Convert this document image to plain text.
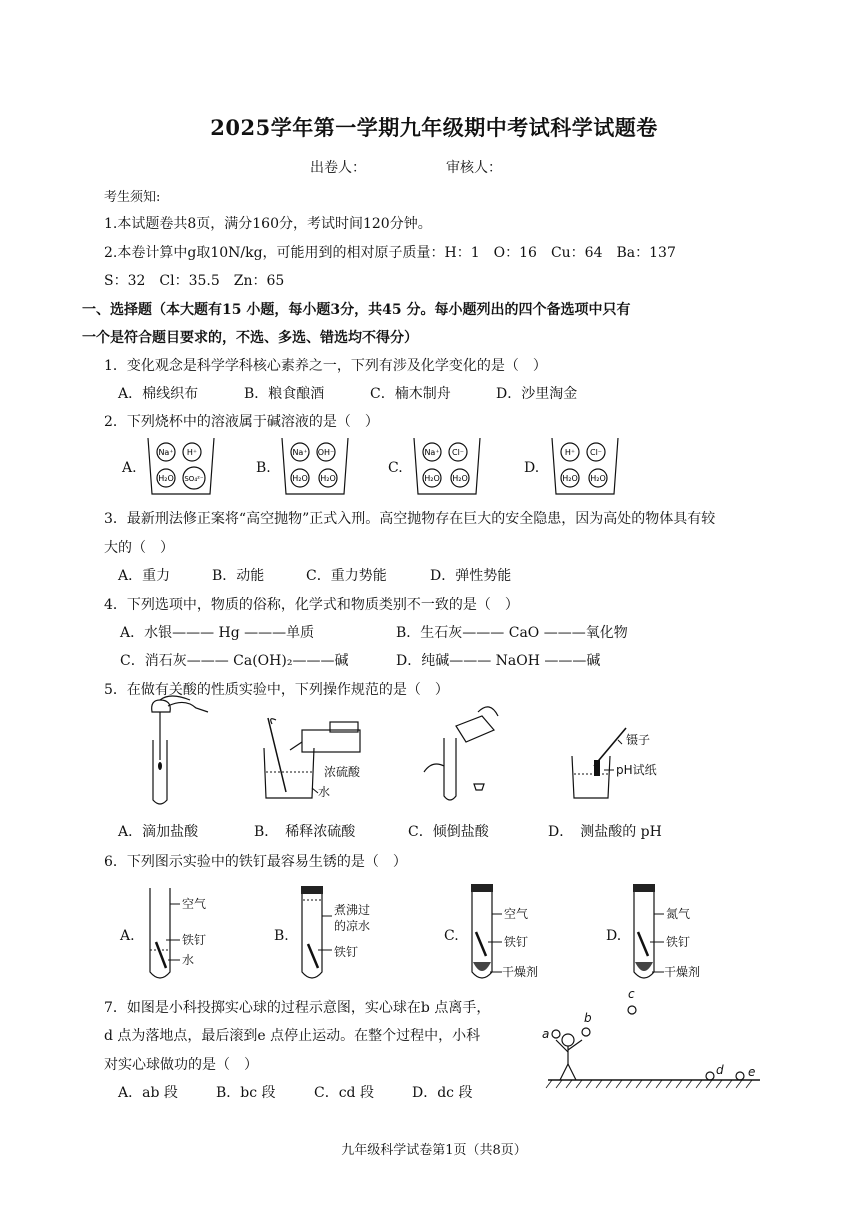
2025学年第一学期九年级期中考试科学试题卷
出卷人：	审核人：
考生须知:
1.本试题卷共8页，满分160分，考试时间120分钟。
2.本卷计算中g取10N/kg，可能用到的相对原子质量：H：1　O：16　Cu：64　Ba：137
S：32　Cl：35.5　Zn：65
一、选择题（本大题有15 小题，每小题3分，共45 分。每小题列出的四个备选项中只有
一个是符合题目要求的，不选、多选、错选均不得分）
1．变化观念是科学学科核心素养之一，下列有涉及化学变化的是（　）
A．棉线织布	B．粮食酿酒	C．楠木制舟	D．沙里淘金
2．下列烧杯中的溶液属于碱溶液的是（　）
A.	B.	C.	D.
Na⁺ H⁺
H₂O SO₄²⁻
Na⁺ OH⁻
H₂O H₂O
Na⁺ Cl⁻
H₂O H₂O
H⁺ Cl⁻
H₂O H₂O
3．最新刑法修正案将“高空抛物”正式入刑。高空抛物存在巨大的安全隐患，因为高处的物体具有较
大的（　）
A．重力	B．动能	C．重力势能	D．弹性势能
4．下列选项中，物质的俗称，化学式和物质类别不一致的是（　）
A．水银——— Hg ———单质	B．生石灰——— CaO ———氧化物
C．消石灰——— Ca(OH)₂———碱	D．纯碱——— NaOH ———碱
5．在做有关酸的性质实验中，下列操作规范的是（　）
浓硫酸
水
镊子
pH试纸
A．滴加盐酸	B．　稀释浓硫酸	C．倾倒盐酸	D．　测盐酸的 pH
6．下列图示实验中的铁钉最容易生锈的是（　）
A.	B.	C.	D.
空气
铁钉
水
煮沸过
的凉水
铁钉
空气
铁钉
干燥剂
氮气
铁钉
干燥剂
7．如图是小科投掷实心球的过程示意图，实心球在b 点离手，
d 点为落地点，最后滚到e 点停止运动。在整个过程中，小科
对实心球做功的是（　）
A．ab 段	B．bc 段	C．cd 段	D．dc 段
a
b
c
d e
九年级科学试卷第1页（共8页）
